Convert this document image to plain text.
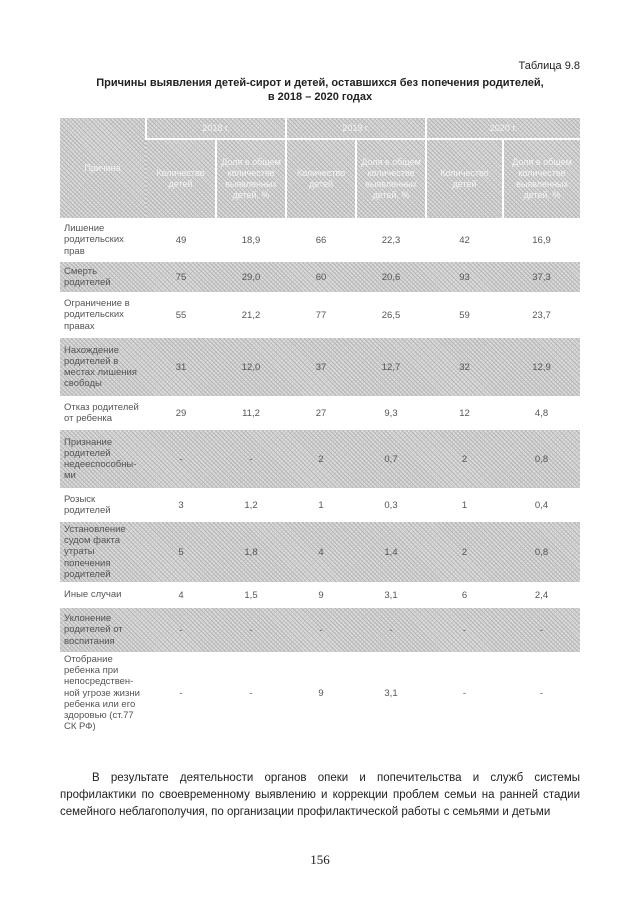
Таблица 9.8
Причины выявления детей-сирот и детей, оставшихся без попечения родителей,
в 2018 – 2020 годах
Причина	2018 г.		2019 г.		2020 г.	
	Количество детей	Доля в общем количестве выявленных детей, %	Количество детей	Доля в общем количестве выявленных детей, %	Количество детей	Доля в общем количестве выявленных детей, %
Лишение родительских прав	49	18,9	66	22,3	42	16,9
Смерть родителей	75	29,0	60	20,6	93	37,3
Ограничение в родительских правах	55	21,2	77	26,5	59	23,7
Нахождение родителей в местах лишения свободы	31	12,0	37	12,7	32	12,9
Отказ родителей от ребенка	29	11,2	27	9,3	12	4,8
Признание родителей недееспособны-ми	-	-	2	0,7	2	0,8
Розыск родителей	3	1,2	1	0,3	1	0,4
Установление судом факта утраты попечения родителей	5	1,8	4	1,4	2	0,8
Иные случаи	4	1,5	9	3,1	6	2,4
Уклонение родителей от воспитания	-	-	-	-	-	-
Отобрание ребенка при непосредствен-ной угрозе жизни ребенка или его здоровью (ст.77 СК РФ)	-	-	9	3,1	-	-
В результате деятельности органов опеки и попечительства и служб системы профилактики по своевременному выявлению и коррекции проблем семьи на ранней стадии семейного неблагополучия, по организации профилактической работы с семьями и детьми
156
